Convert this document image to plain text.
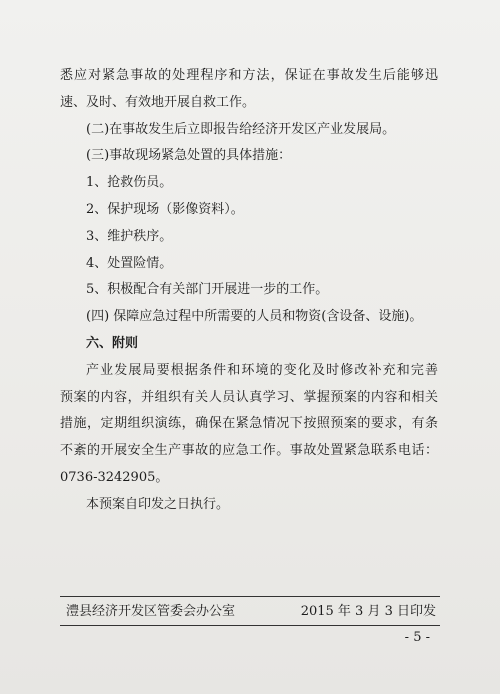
悉应对紧急事故的处理程序和方法，保证在事故发生后能够迅
速、及时、有效地开展自救工作。
(二)在事故发生后立即报告给经济开发区产业发展局。
(三)事故现场紧急处置的具体措施：
1、抢救伤员。
2、保护现场（影像资料）。
3、维护秩序。
4、处置险情。
5、积极配合有关部门开展进一步的工作。
(四) 保障应急过程中所需要的人员和物资(含设备、设施)。
六、附则
产业发展局要根据条件和环境的变化及时修改补充和完善
预案的内容，并组织有关人员认真学习、掌握预案的内容和相关
措施，定期组织演练，确保在紧急情况下按照预案的要求，有条
不紊的开展安全生产事故的应急工作。事故处置紧急联系电话：
0736-3242905。
本预案自印发之日执行。
澧县经济开发区管委会办公室	2015 年 3 月 3 日印发
- 5 -
